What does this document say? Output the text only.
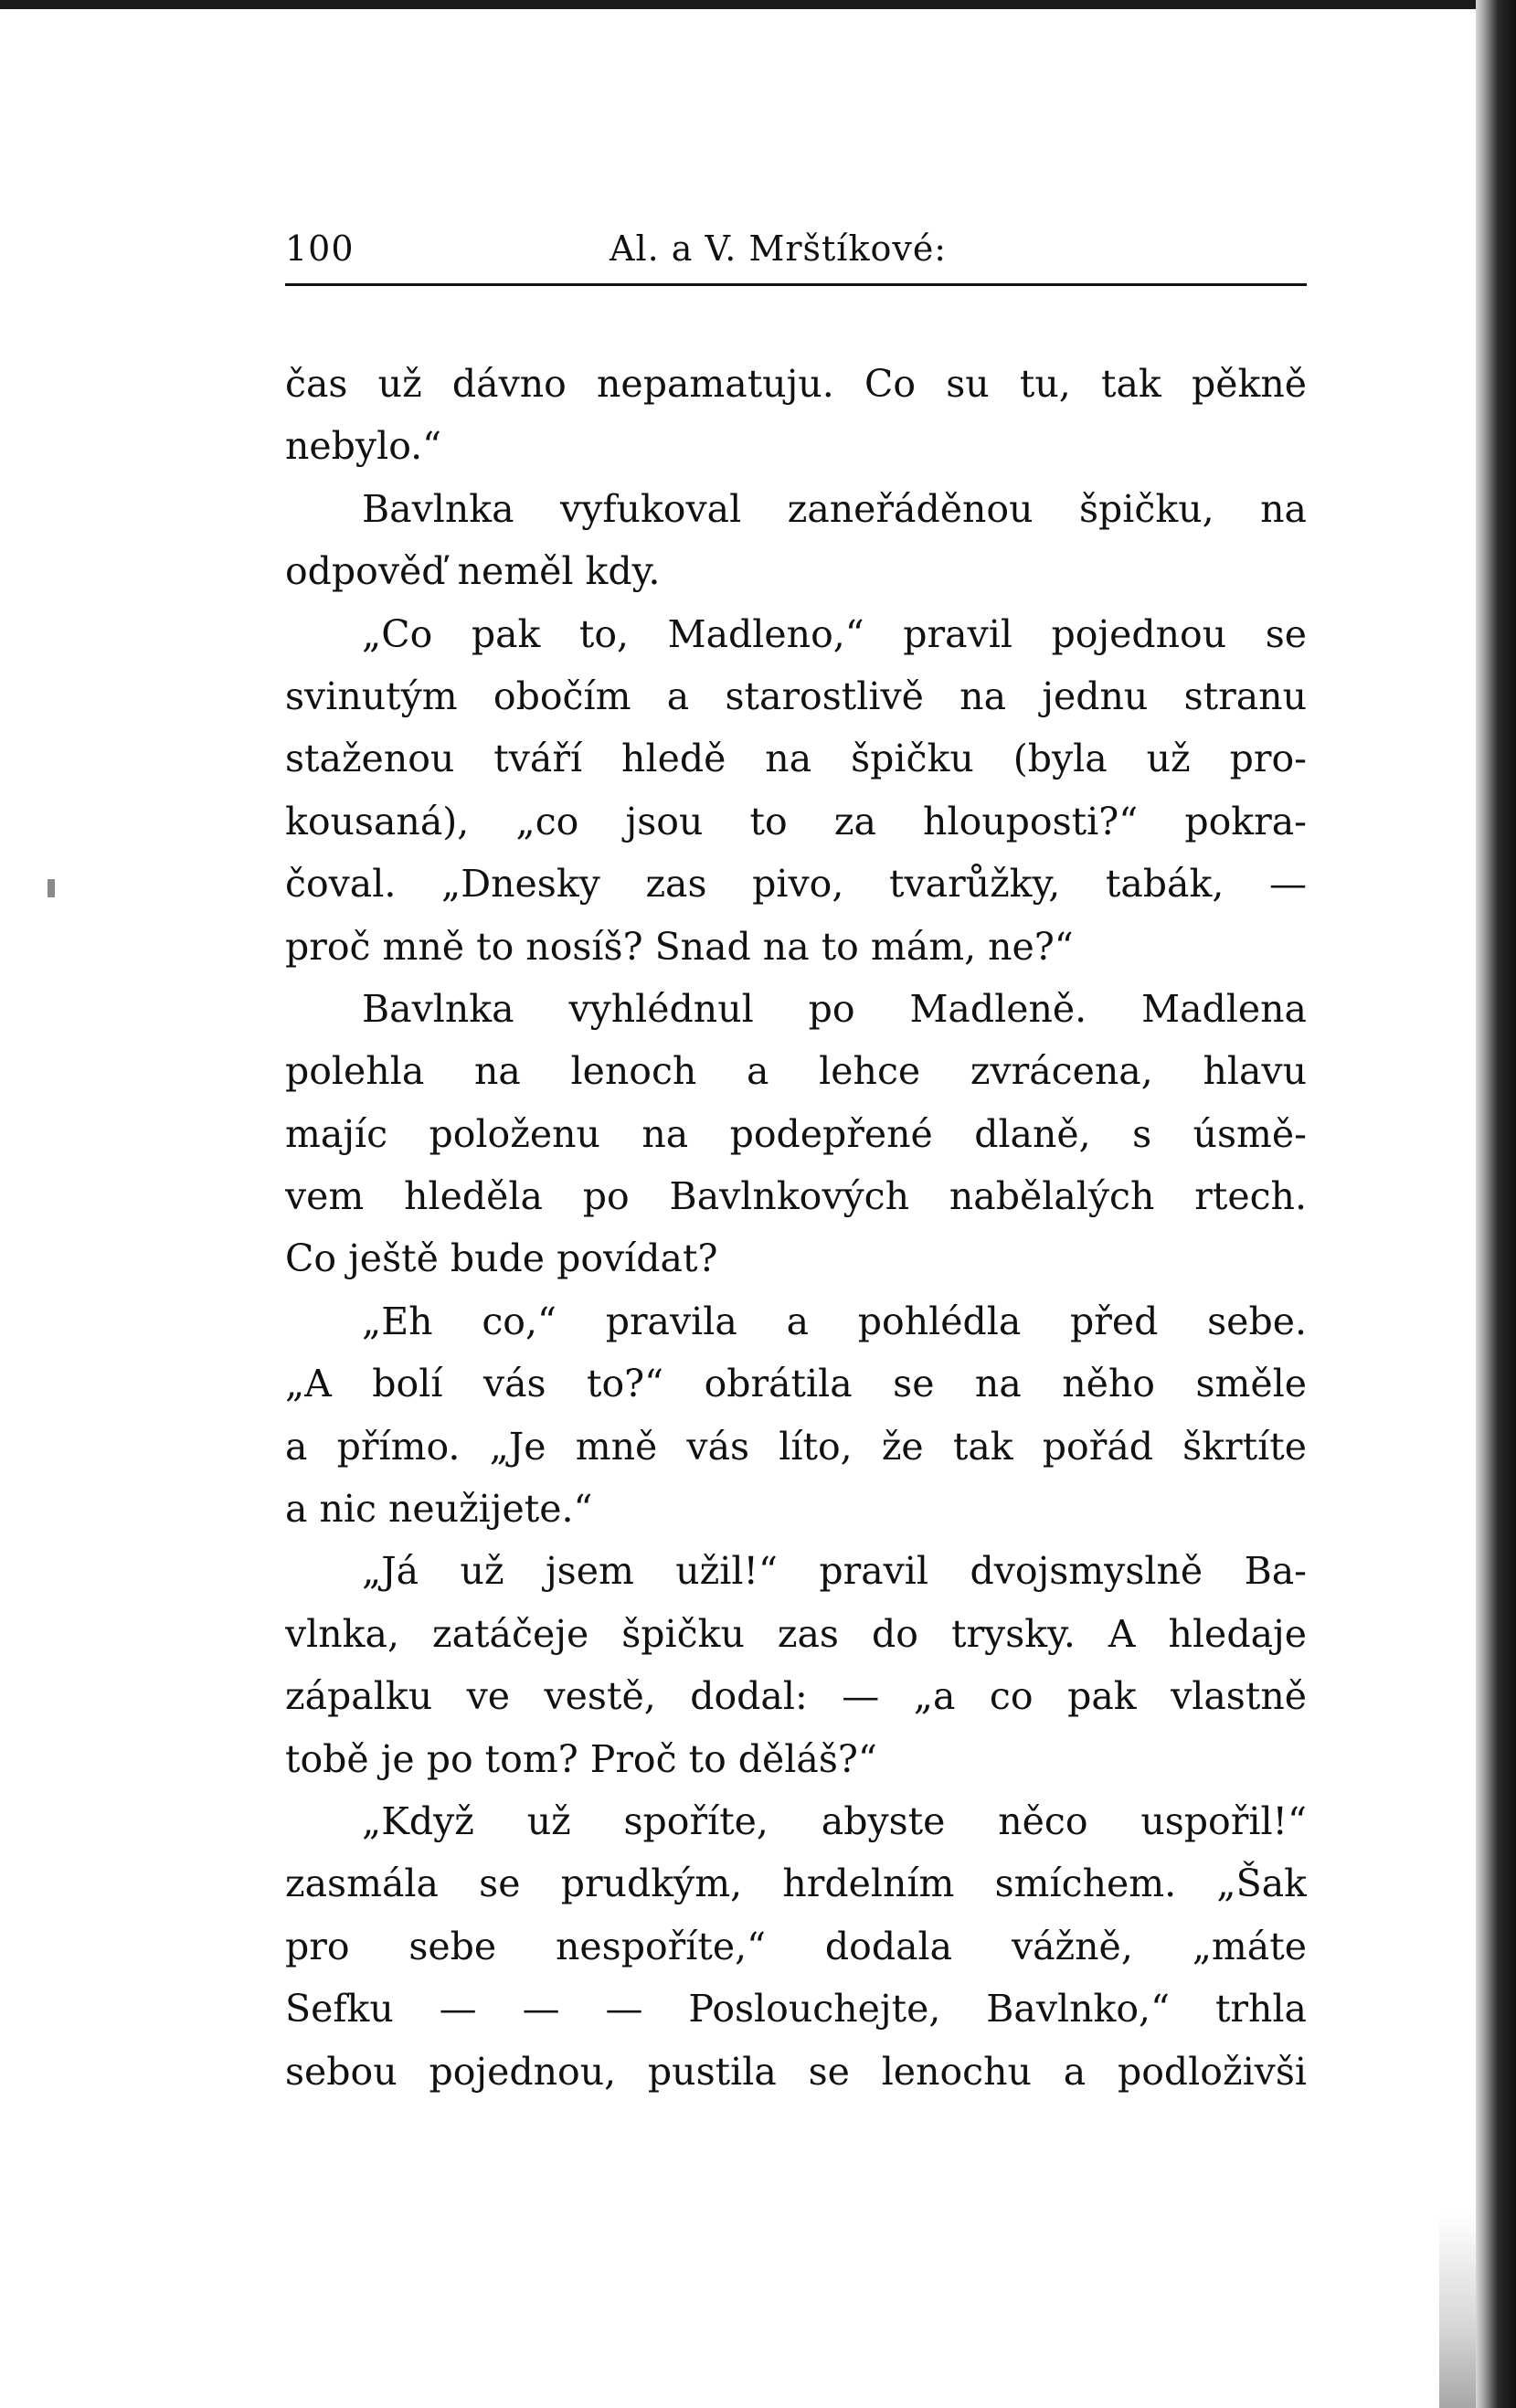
100	Al. a V. Mrštíkové:
čas už dávno nepamatuju. Co su tu, tak pěkně
nebylo.“
Bavlnka vyfukoval zaneřáděnou špičku, na
odpověď neměl kdy.
„Co pak to, Madleno,“ pravil pojednou se
svinutým obočím a starostlivě na jednu stranu
staženou tváří hledě na špičku (byla už pro-
kousaná), „co jsou to za hlouposti?“ pokra-
čoval. „Dnesky zas pivo, tvarůžky, tabák, —
proč mně to nosíš? Snad na to mám, ne?“
Bavlnka vyhlédnul po Madleně. Madlena
polehla na lenoch a lehce zvrácena, hlavu
majíc položenu na podepřené dlaně, s úsmě-
vem hleděla po Bavlnkových nabělalých rtech.
Co ještě bude povídat?
„Eh co,“ pravila a pohlédla před sebe.
„A bolí vás to?“ obrátila se na něho směle
a přímo. „Je mně vás líto, že tak pořád škrtíte
a nic neužijete.“
„Já už jsem užil!“ pravil dvojsmyslně Ba-
vlnka, zatáčeje špičku zas do trysky. A hledaje
zápalku ve vestě, dodal: — „a co pak vlastně
tobě je po tom? Proč to děláš?“
„Když už spoříte, abyste něco uspořil!“
zasmála se prudkým, hrdelním smíchem. „Šak
pro sebe nespoříte,“ dodala vážně, „máte
Sefku — — — Poslouchejte, Bavlnko,“ trhla
sebou pojednou, pustila se lenochu a podloživši
